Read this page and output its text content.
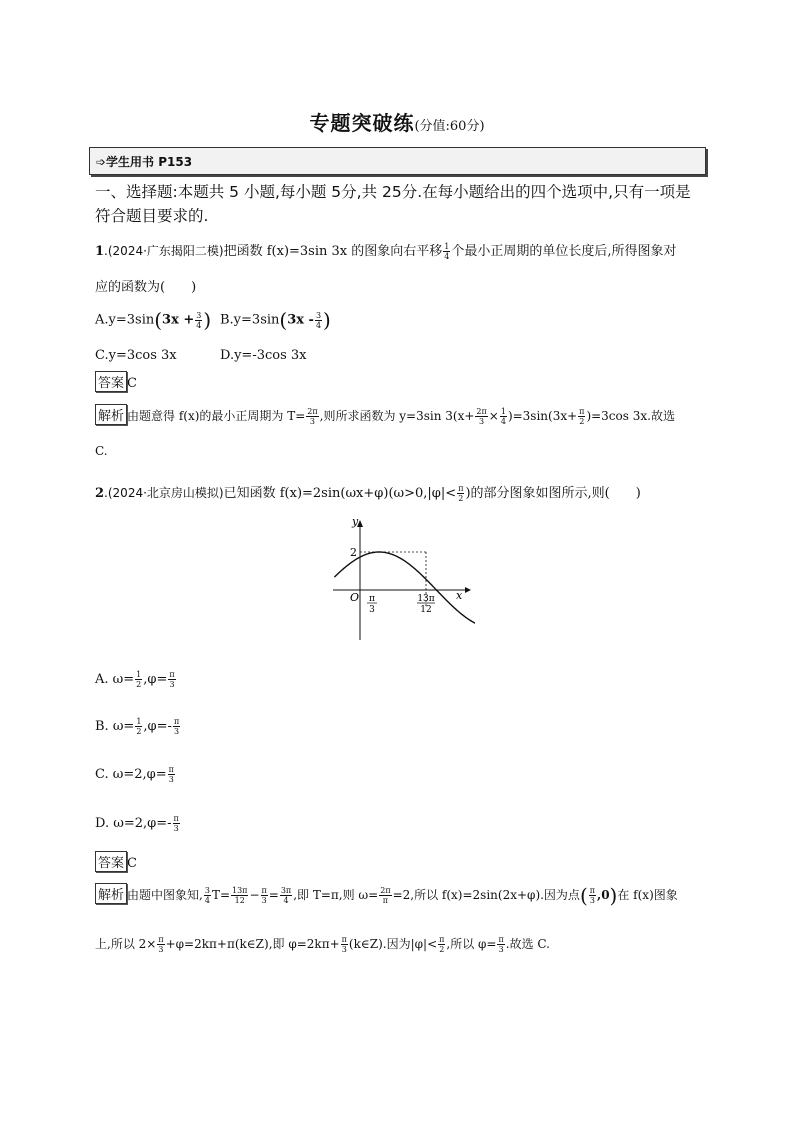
专题突破练(分值:60分)
➩学生用书 P153
一、选择题:本题共 5 小题,每小题 5分,共 25分.在每小题给出的四个选项中,只有一项是符合题目要求的.
1.(2024·广东揭阳二模)把函数 f(x)=3sin 3x 的图象向右平移 $\frac{1}{4}$ 个最小正周期的单位长度后,所得图象对
应的函数为(　　)
$A.y=3\sin(3x + \frac{3}{4}$ ) $B.y=3\sin(3x - \frac{3}{4}$ )
C.y=3cos 3x	D.y=-3cos 3x
答案 C
解析 由题意得 f(x)的最小正周期为 $T= \frac{2\pi}{3}$ ,则所求函数为 y=3sin $3(x+ \frac{2\pi}{3} \times \frac{1}{4} )=3\sin(3x+ \frac{\pi}{2} )=3\cos$ 3x.故选
C.
2.(2024·北京房山模拟)已知函数 $f(x)=2\sin(\omega x+\varphi)(\omega>0,|\varphi|< \frac{\pi}{2}$ )的部分图象如图所示,则(　　)
y
x
O
2
π
3
13π
12
A. $\omega= \frac{1}{2} ,\varphi= \frac{\pi}{3}$
B. $\omega= \frac{1}{2} ,\varphi=- \frac{\pi}{3}$
C. $\omega=2,\varphi= \frac{\pi}{3}$
D. $\omega=2,\varphi=- \frac{\pi}{3}$
答案 C
解析 由题中图象知, $\frac{3}{4} T= \frac{13\pi}{12} - \frac{\pi}{3} = \frac{3\pi}{4}$ ,即 T=π,则 $\omega= \frac{2\pi}{\pi} =2$,所以 f(x)=2sin(2x+φ).因为点( $\frac{\pi}{3} ,0$)在 f(x)图象
上,所以 $2\times \frac{\pi}{3}$ +φ=2kπ+π(k∈Z),即 $\varphi=2k\pi+ \frac{\pi}{3}$ (k∈Z).因为$|\varphi|< \frac{\pi}{2}$ ,所以 $\varphi= \frac{\pi}{3}$ .故选 C.
